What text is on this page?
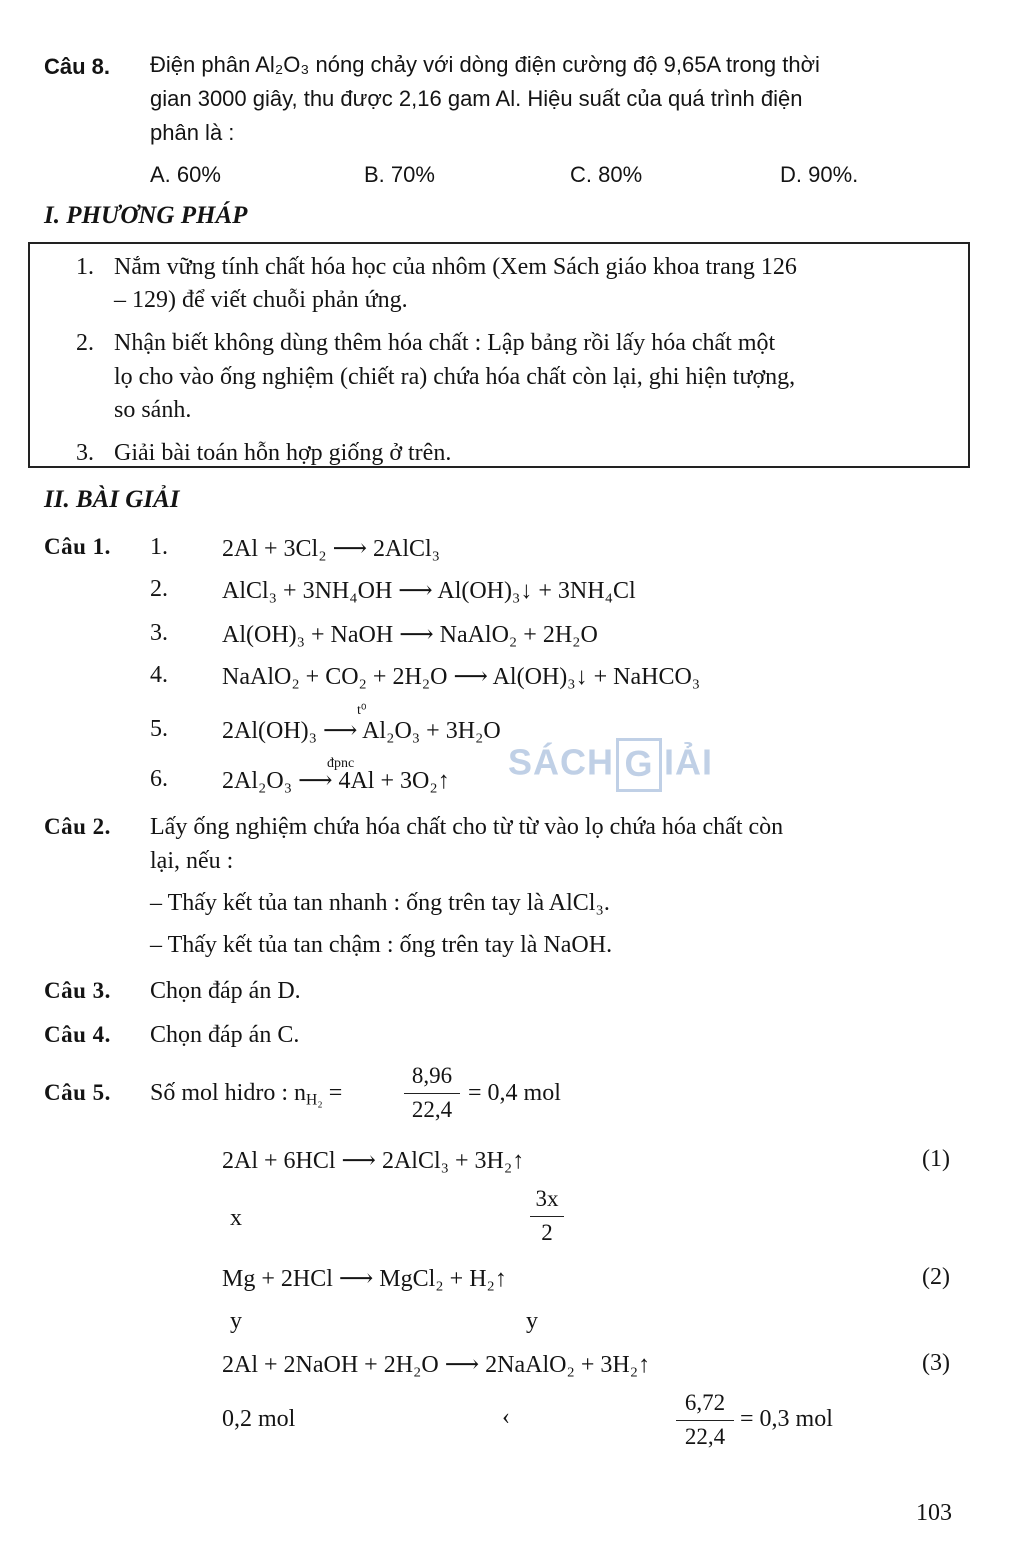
Câu 8. Điện phân Al₂O₃ nóng chảy với dòng điện cường độ 9,65A trong thời
gian 3000 giây, thu được 2,16 gam Al. Hiệu suất của quá trình điện
phân là :
A. 60%	B. 70%	C. 80%	D. 90%.
I. PHƯƠNG PHÁP
1. Nắm vững tính chất hóa học của nhôm (Xem Sách giáo khoa trang 126
– 129) để viết chuỗi phản ứng.
2. Nhận biết không dùng thêm hóa chất : Lập bảng rồi lấy hóa chất một
lọ cho vào ống nghiệm (chiết ra) chứa hóa chất còn lại, ghi hiện tượng,
so sánh.
3. Giải bài toán hỗn hợp giống ở trên.
II. BÀI GIẢI
Câu 1. 1. 2Al + 3Cl₂ ⟶ 2AlCl₃
2. AlCl₃ + 3NH₄OH ⟶ Al(OH)₃↓ + 3NH₄Cl
3. Al(OH)₃ + NaOH ⟶ NaAlO₂ + 2H₂O
4. NaAlO₂ + CO₂ + 2H₂O ⟶ Al(OH)₃↓ + NaHCO₃
t⁰
5. 2Al(OH)₃ ⟶ Al₂O₃ + 3H₂O
đpnc
6. 2Al₂O₃ ⟶ 4Al + 3O₂↑ SÁCH G IẢI
Câu 2. Lấy ống nghiệm chứa hóa chất cho từ từ vào lọ chứa hóa chất còn
lại, nếu :
– Thấy kết tủa tan nhanh : ống trên tay là AlCl₃.
– Thấy kết tủa tan chậm : ống trên tay là NaOH.
Câu 3. Chọn đáp án D.
Câu 4. Chọn đáp án C.
Câu 5. Số mol hidro : $n_{H_2}$ =
8,96
22,4
= 0,4 mol
2Al + 6HCl ⟶ 2AlCl₃ + 3H₂↑	(1)
x
3x
2
Mg + 2HCl ⟶ MgCl₂ + H₂↑	(2)
y	y
2Al + 2NaOH + 2H₂O ⟶ 2NaAlO₂ + 3H₂↑	(3)
0,2 mol	‹
6,72
22,4
= 0,3 mol
103
